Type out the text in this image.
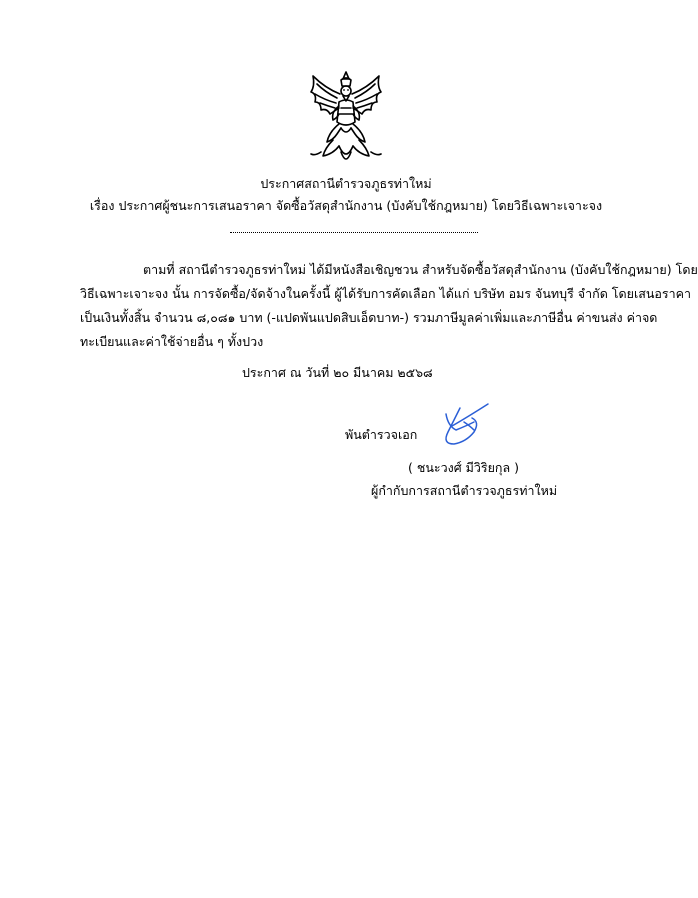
ประกาศสถานีตำรวจภูธรท่าใหม่
เรื่อง ประกาศผู้ชนะการเสนอราคา จัดซื้อวัสดุสำนักงาน (บังคับใช้กฎหมาย) โดยวิธีเฉพาะเจาะจง
ตามที่ สถานีตำรวจภูธรท่าใหม่ ได้มีหนังสือเชิญชวน สำหรับจัดซื้อวัสดุสำนักงาน (บังคับใช้กฎหมาย) โดย
วิธีเฉพาะเจาะจง นั้น การจัดซื้อ/จัดจ้างในครั้งนี้ ผู้ได้รับการคัดเลือก ได้แก่ บริษัท อมร จันทบุรี จำกัด โดยเสนอราคา
เป็นเงินทั้งสิ้น จำนวน ๘,๐๘๑ บาท (-แปดพันแปดสิบเอ็ดบาท-) รวมภาษีมูลค่าเพิ่มและภาษีอื่น ค่าขนส่ง ค่าจด
ทะเบียนและค่าใช้จ่ายอื่น ๆ ทั้งปวง
ประกาศ ณ วันที่ ๒๐ มีนาคม ๒๕๖๘
พันตำรวจเอก
( ชนะวงศ์ มีวิริยกุล )
ผู้กำกับการสถานีตำรวจภูธรท่าใหม่
